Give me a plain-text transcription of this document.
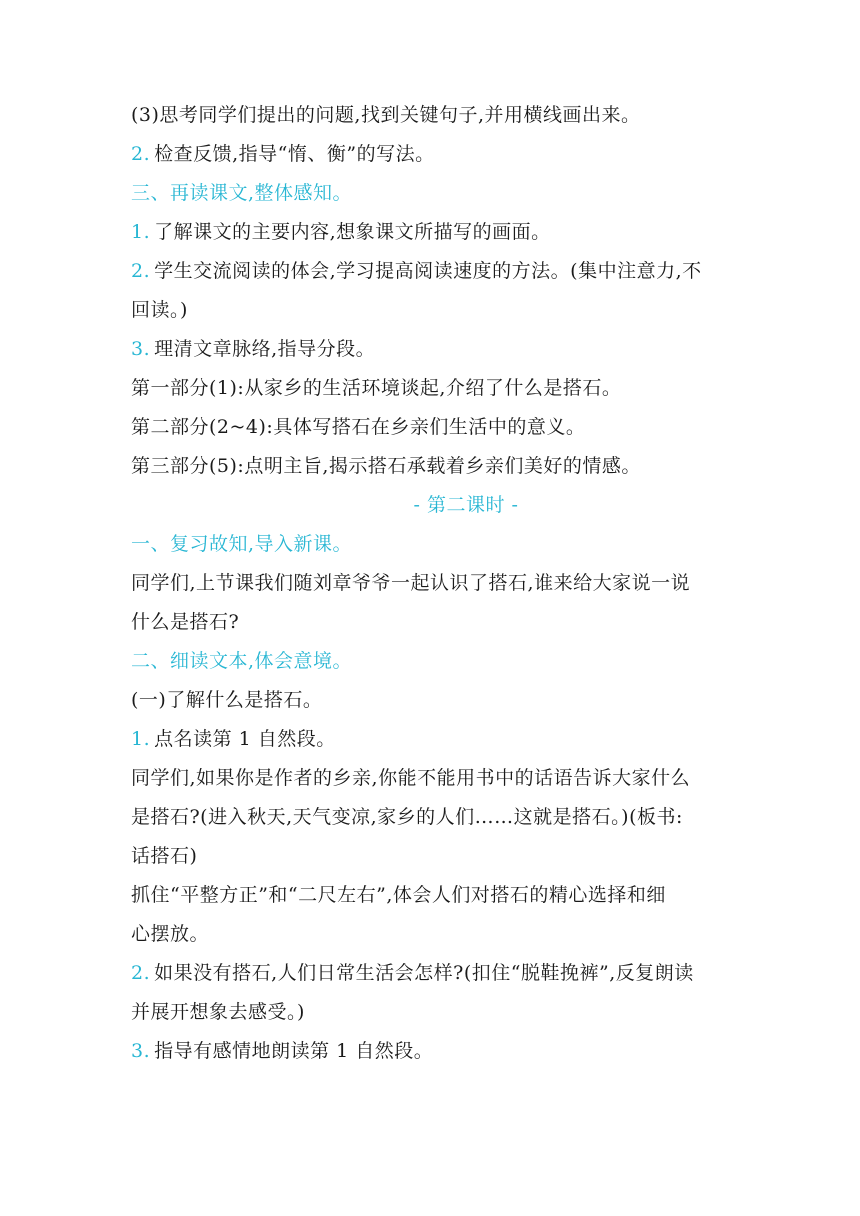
(3)思考同学们提出的问题,找到关键句子,并用横线画出来。
2. 检查反馈,指导“惰、衡”的写法。
三、再读课文,整体感知。
1. 了解课文的主要内容,想象课文所描写的画面。
2. 学生交流阅读的体会,学习提高阅读速度的方法。(集中注意力,不
回读。)
3. 理清文章脉络,指导分段。
第一部分(1):从家乡的生活环境谈起,介绍了什么是搭石。
第二部分(2~4):具体写搭石在乡亲们生活中的意义。
第三部分(5):点明主旨,揭示搭石承载着乡亲们美好的情感。
- 第二课时 -
一、复习故知,导入新课。
同学们,上节课我们随刘章爷爷一起认识了搭石,谁来给大家说一说
什么是搭石?
二、细读文本,体会意境。
(一)了解什么是搭石。
1. 点名读第 1 自然段。
同学们,如果你是作者的乡亲,你能不能用书中的话语告诉大家什么
是搭石?(进入秋天,天气变凉,家乡的人们……这就是搭石。)(板书:
话搭石)
抓住“平整方正”和“二尺左右”,体会人们对搭石的精心选择和细
心摆放。
2. 如果没有搭石,人们日常生活会怎样?(扣住“脱鞋挽裤”,反复朗读
并展开想象去感受。)
3. 指导有感情地朗读第 1 自然段。
